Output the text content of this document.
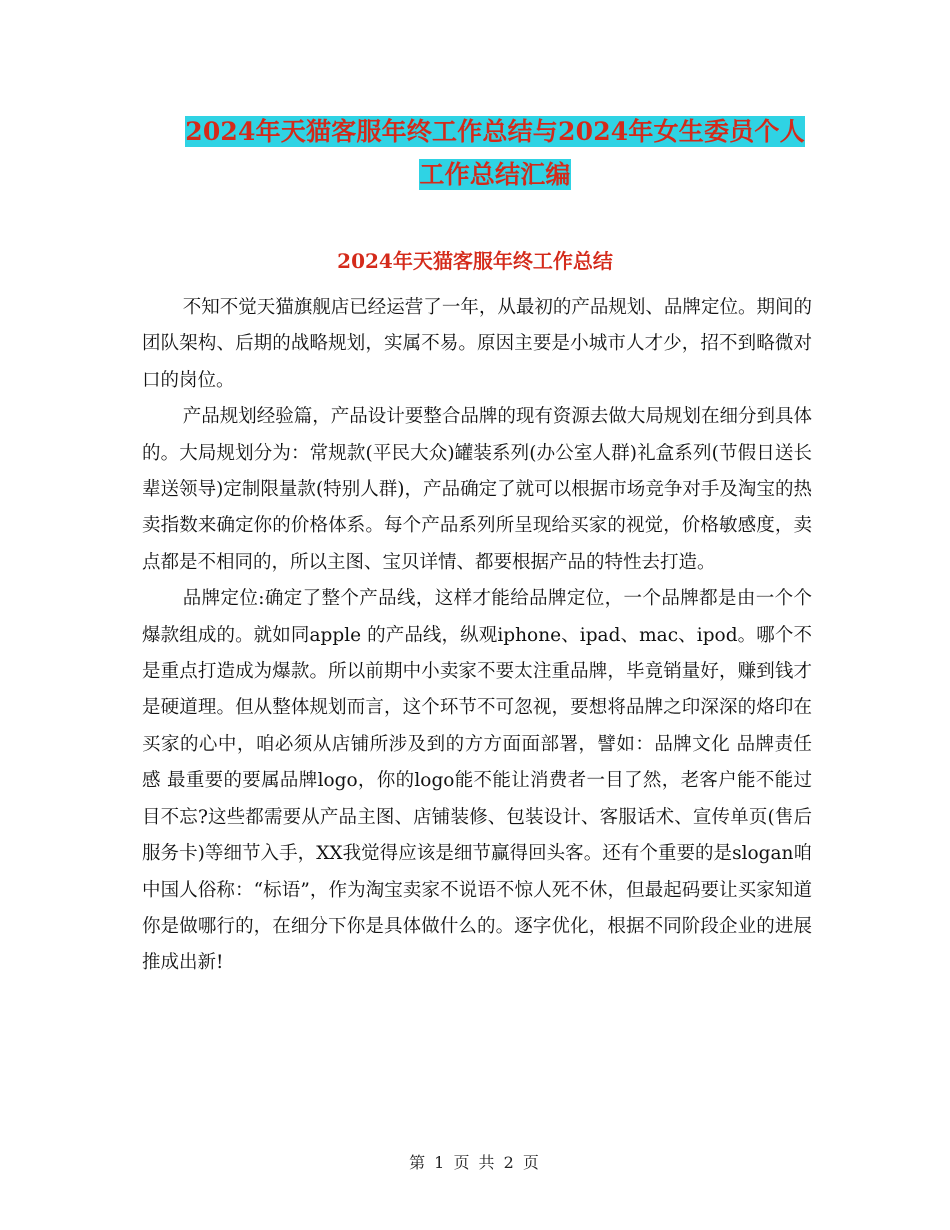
2024年天猫客服年终工作总结与2024年女生委员个人
工作总结汇编
2024年天猫客服年终工作总结

不知不觉天猫旗舰店已经运营了一年，从最初的产品规划、品牌定位。期间的团队架构、后期的战略规划，实属不易。原因主要是小城市人才少，招不到略微对口的岗位。

产品规划经验篇，产品设计要整合品牌的现有资源去做大局规划在细分到具体的。大局规划分为：常规款(平民大众)罐装系列(办公室人群)礼盒系列(节假日送长辈送领导)定制限量款(特别人群)，产品确定了就可以根据市场竞争对手及淘宝的热卖指数来确定你的价格体系。每个产品系列所呈现给买家的视觉，价格敏感度，卖点都是不相同的，所以主图、宝贝详情、都要根据产品的特性去打造。

品牌定位:确定了整个产品线，这样才能给品牌定位，一个品牌都是由一个个爆款组成的。就如同apple 的产品线，纵观iphone、ipad、mac、ipod。哪个不是重点打造成为爆款。所以前期中小卖家不要太注重品牌，毕竟销量好，赚到钱才是硬道理。但从整体规划而言，这个环节不可忽视，要想将品牌之印深深的烙印在买家的心中，咱必须从店铺所涉及到的方方面面部署，譬如：品牌文化 品牌责任感 最重要的要属品牌logo，你的logo能不能让消费者一目了然，老客户能不能过目不忘?这些都需要从产品主图、店铺装修、包装设计、客服话术、宣传单页(售后服务卡)等细节入手，XX我觉得应该是细节赢得回头客。还有个重要的是slogan咱中国人俗称：“标语”，作为淘宝卖家不说语不惊人死不休，但最起码要让买家知道你是做哪行的，在细分下你是具体做什么的。逐字优化，根据不同阶段企业的进展推成出新!

第 1 页 共 2 页
